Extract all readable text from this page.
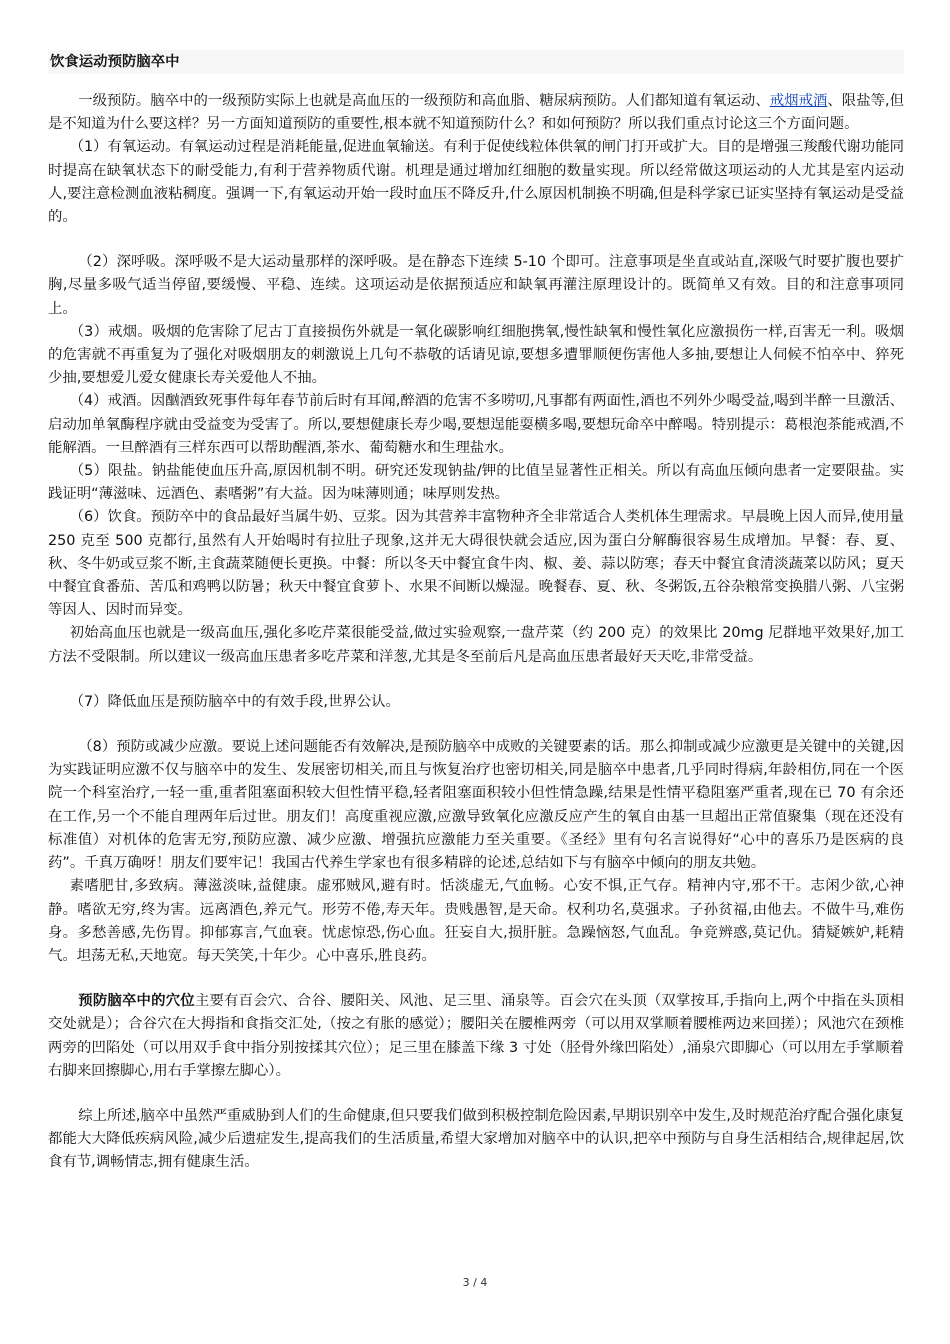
饮食运动预防脑卒中

一级预防。脑卒中的一级预防实际上也就是高血压的一级预防和高血脂、糖尿病预防。人们都知道有氧运动、戒烟戒酒、限盐等,但是不知道为什么要这样？另一方面知道预防的重要性,根本就不知道预防什么？和如何预防？所以我们重点讨论这三个方面问题。

（1）有氧运动。有氧运动过程是消耗能量,促进血氧输送。有利于促使线粒体供氧的闸门打开或扩大。目的是增强三羧酸代谢功能同时提高在缺氧状态下的耐受能力,有利于营养物质代谢。机理是通过增加红细胞的数量实现。所以经常做这项运动的人尤其是室内运动人,要注意检测血液粘稠度。强调一下,有氧运动开始一段时血压不降反升,什么原因机制换不明确,但是科学家已证实坚持有氧运动是受益的。

（2）深呼吸。深呼吸不是大运动量那样的深呼吸。是在静态下连续 5-10 个即可。注意事项是坐直或站直,深吸气时要扩腹也要扩胸,尽量多吸气适当停留,要缓慢、平稳、连续。这项运动是依据预适应和缺氧再灌注原理设计的。既简单又有效。目的和注意事项同上。

（3）戒烟。吸烟的危害除了尼古丁直接损伤外就是一氧化碳影响红细胞携氧,慢性缺氧和慢性氧化应激损伤一样,百害无一利。吸烟的危害就不再重复为了强化对吸烟朋友的刺激说上几句不恭敬的话请见谅,要想多遭罪顺便伤害他人多抽,要想让人伺候不怕卒中、猝死少抽,要想爱儿爱女健康长寿关爱他人不抽。

（4）戒酒。因酗酒致死事件每年春节前后时有耳闻,醉酒的危害不多唠叨,凡事都有两面性,酒也不列外少喝受益,喝到半醉一旦激活、启动加单氧酶程序就由受益变为受害了。所以,要想健康长寿少喝,要想逞能耍横多喝,要想玩命卒中醉喝。特别提示：葛根泡茶能戒酒,不能解酒。一旦醉酒有三样东西可以帮助醒酒,茶水、葡萄糖水和生理盐水。

（5）限盐。钠盐能使血压升高,原因机制不明。研究还发现钠盐/钾的比值呈显著性正相关。所以有高血压倾向患者一定要限盐。实践证明“薄滋味、远酒色、素嗜粥”有大益。因为味薄则通；味厚则发热。

（6）饮食。预防卒中的食品最好当属牛奶、豆浆。因为其营养丰富物种齐全非常适合人类机体生理需求。早晨晚上因人而异,使用量 250 克至 500 克都行,虽然有人开始喝时有拉肚子现象,这并无大碍很快就会适应,因为蛋白分解酶很容易生成增加。早餐：春、夏、秋、冬牛奶或豆浆不断,主食蔬菜随便长更换。中餐：所以冬天中餐宜食牛肉、椒、姜、蒜以防寒；春天中餐宜食清淡蔬菜以防风；夏天中餐宜食番茄、苦瓜和鸡鸭以防暑；秋天中餐宜食萝卜、水果不间断以燥湿。晚餐春、夏、秋、冬粥饭,五谷杂粮常变换腊八粥、八宝粥等因人、因时而异变。

初始高血压也就是一级高血压,强化多吃芹菜很能受益,做过实验观察,一盘芹菜（约 200 克）的效果比 20mg 尼群地平效果好,加工方法不受限制。所以建议一级高血压患者多吃芹菜和洋葱,尤其是冬至前后凡是高血压患者最好天天吃,非常受益。

（7）降低血压是预防脑卒中的有效手段,世界公认。

（8）预防或减少应激。要说上述问题能否有效解决,是预防脑卒中成败的关键要素的话。那么抑制或减少应激更是关键中的关键,因为实践证明应激不仅与脑卒中的发生、发展密切相关,而且与恢复治疗也密切相关,同是脑卒中患者,几乎同时得病,年龄相仿,同在一个医院一个科室治疗,一轻一重,重者阻塞面积较大但性情平稳,轻者阻塞面积较小但性情急躁,结果是性情平稳阻塞严重者,现在已 70 有余还在工作,另一个不能自理两年后过世。朋友们！高度重视应激,应激导致氧化应激反应产生的氧自由基一旦超出正常值聚集（现在还没有标准值）对机体的危害无穷,预防应激、减少应激、增强抗应激能力至关重要。《圣经》里有句名言说得好“心中的喜乐乃是医病的良药”。千真万确呀！朋友们要牢记！我国古代养生学家也有很多精辟的论述,总结如下与有脑卒中倾向的朋友共勉。

素嗜肥甘,多致病。薄滋淡味,益健康。虚邪贼风,避有时。恬淡虚无,气血畅。心安不惧,正气存。精神内守,邪不干。志闲少欲,心神静。嗜欲无穷,终为害。远离酒色,养元气。形劳不倦,寿天年。贵贱愚智,是天命。权利功名,莫强求。子孙贫福,由他去。不做牛马,难伤身。多愁善感,先伤胃。抑郁寡言,气血衰。忧虑惊恐,伤心血。狂妄自大,损肝脏。急躁恼怒,气血乱。争竞辨惑,莫记仇。猜疑嫉妒,耗精气。坦荡无私,天地宽。每天笑笑,十年少。心中喜乐,胜良药。

预防脑卒中的穴位主要有百会穴、合谷、腰阳关、风池、足三里、涌泉等。百会穴在头顶（双掌按耳,手指向上,两个中指在头顶相交处就是）；合谷穴在大拇指和食指交汇处,（按之有胀的感觉）；腰阳关在腰椎两旁（可以用双掌顺着腰椎两边来回搓）；风池穴在颈椎两旁的凹陷处（可以用双手食中指分别按揉其穴位）；足三里在膝盖下缘 3 寸处（胫骨外缘凹陷处）,涌泉穴即脚心（可以用左手掌顺着右脚来回擦脚心,用右手掌擦左脚心）。

综上所述,脑卒中虽然严重威胁到人们的生命健康,但只要我们做到积极控制危险因素,早期识别卒中发生,及时规范治疗配合强化康复都能大大降低疾病风险,减少后遗症发生,提高我们的生活质量,希望大家增加对脑卒中的认识,把卒中预防与自身生活相结合,规律起居,饮食有节,调畅情志,拥有健康生活。

3 / 4
